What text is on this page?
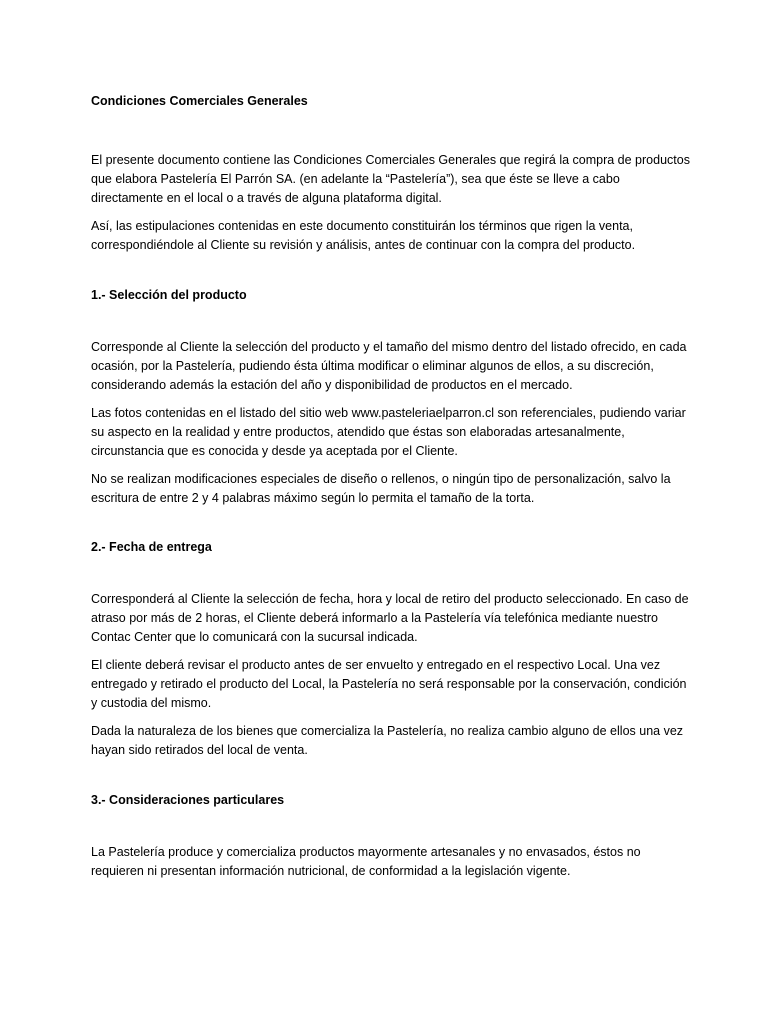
Condiciones Comerciales Generales

El presente documento contiene las Condiciones Comerciales Generales que regirá la compra de productos que elabora Pastelería El Parrón SA. (en adelante la “Pastelería”), sea que éste se lleve a cabo directamente en el local o a través de alguna plataforma digital.

Así, las estipulaciones contenidas en este documento constituirán los términos que rigen la venta, correspondiéndole al Cliente su revisión y análisis, antes de continuar con la compra del producto.

1.- Selección del producto

Corresponde al Cliente la selección del producto y el tamaño del mismo dentro del listado ofrecido, en cada ocasión, por la Pastelería, pudiendo ésta última modificar o eliminar algunos de ellos, a su discreción, considerando además la estación del año y disponibilidad de productos en el mercado.

Las fotos contenidas en el listado del sitio web www.pasteleriaelparron.cl son referenciales, pudiendo variar su aspecto en la realidad y entre productos, atendido que éstas son elaboradas artesanalmente, circunstancia que es conocida y desde ya aceptada por el Cliente.

No se realizan modificaciones especiales de diseño o rellenos, o ningún tipo de personalización, salvo la escritura de entre 2 y 4 palabras máximo según lo permita el tamaño de la torta.

2.- Fecha de entrega

Corresponderá al Cliente la selección de fecha, hora y local de retiro del producto seleccionado. En caso de atraso por más de 2 horas, el Cliente deberá informarlo a la Pastelería vía telefónica mediante nuestro Contac Center que lo comunicará con la sucursal indicada.

El cliente deberá revisar el producto antes de ser envuelto y entregado en el respectivo Local. Una vez entregado y retirado el producto del Local, la Pastelería no será responsable por la conservación, condición y custodia del mismo.

Dada la naturaleza de los bienes que comercializa la Pastelería, no realiza cambio alguno de ellos una vez hayan sido retirados del local de venta.

3.- Consideraciones particulares

La Pastelería produce y comercializa productos mayormente artesanales y no envasados, éstos no requieren ni presentan información nutricional, de conformidad a la legislación vigente.
